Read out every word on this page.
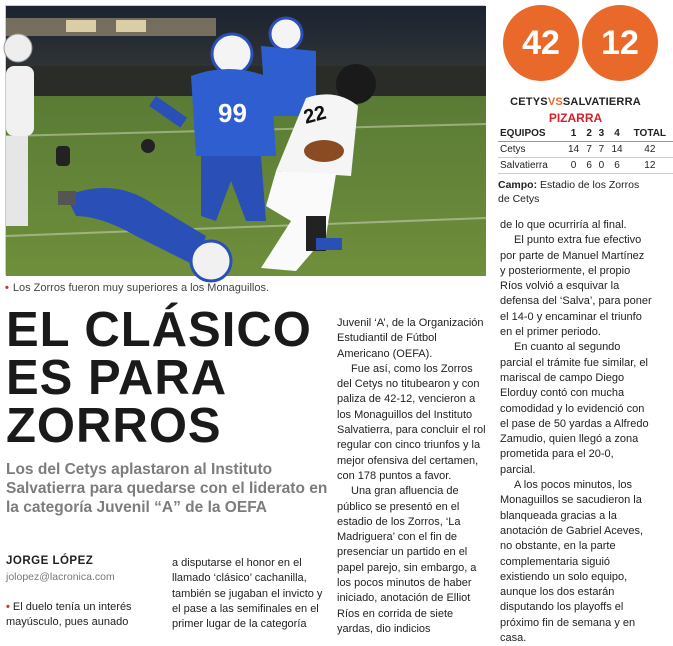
99	22
• Los Zorros fueron muy superiores a los Monaguillos.
42	12
CETYSVSSALVATIERRA
PIZARRA
EQUIPOS	1	2	3	4	TOTAL
Cetys	14	7	7	14	42
Salvatierra	0	6	0	6	12
Campo: Estadio de los Zorros de Cetys
EL CLÁSICO
ES PARA
ZORROS
Los del Cetys aplastaron al Instituto Salvatierra para quedarse con el liderato en la categoría Juvenil “A” de la OEFA
JORGE LÓPEZ
jolopez@lacronica.com

• El duelo tenía un interés mayúsculo, pues aunado

a disputarse el honor en el llamado ‘clásico’ cachanilla, también se jugaban el invicto y el pase a las semifinales en el primer lugar de la categoría

Juvenil ‘A’, de la Organización Estudiantil de Fútbol Americano (OEFA).

Fue así, como los Zorros del Cetys no titubearon y con paliza de 42-12, vencieron a los Monaguillos del Instituto Salvatierra, para concluir el rol regular con cinco triunfos y la mejor ofensiva del certamen, con 178 puntos a favor.

Una gran afluencia de público se presentó en el estadio de los Zorros, ‘La Madriguera’ con el fin de presenciar un partido en el papel parejo, sin embargo, a los pocos minutos de haber iniciado, anotación de Elliot Ríos en corrida de siete yardas, dio indicios

de lo que ocurriría al final.

El punto extra fue efectivo por parte de Manuel Martínez y posteriormente, el propio Ríos volvió a esquivar la defensa del ‘Salva’, para poner el 14-0 y encaminar el triunfo en el primer periodo.

En cuanto al segundo parcial el trámite fue similar, el mariscal de campo Diego Elorduy contó con mucha comodidad y lo evidenció con el pase de 50 yardas a Alfredo Zamudio, quien llegó a zona prometida para el 20-0, parcial.

A los pocos minutos, los Monaguillos se sacudieron la blanqueada gracias a la anotación de Gabriel Aceves, no obstante, en la parte complementaria siguió existiendo un solo equipo, aunque los dos estarán disputando los playoffs el próximo fin de semana y en casa.
